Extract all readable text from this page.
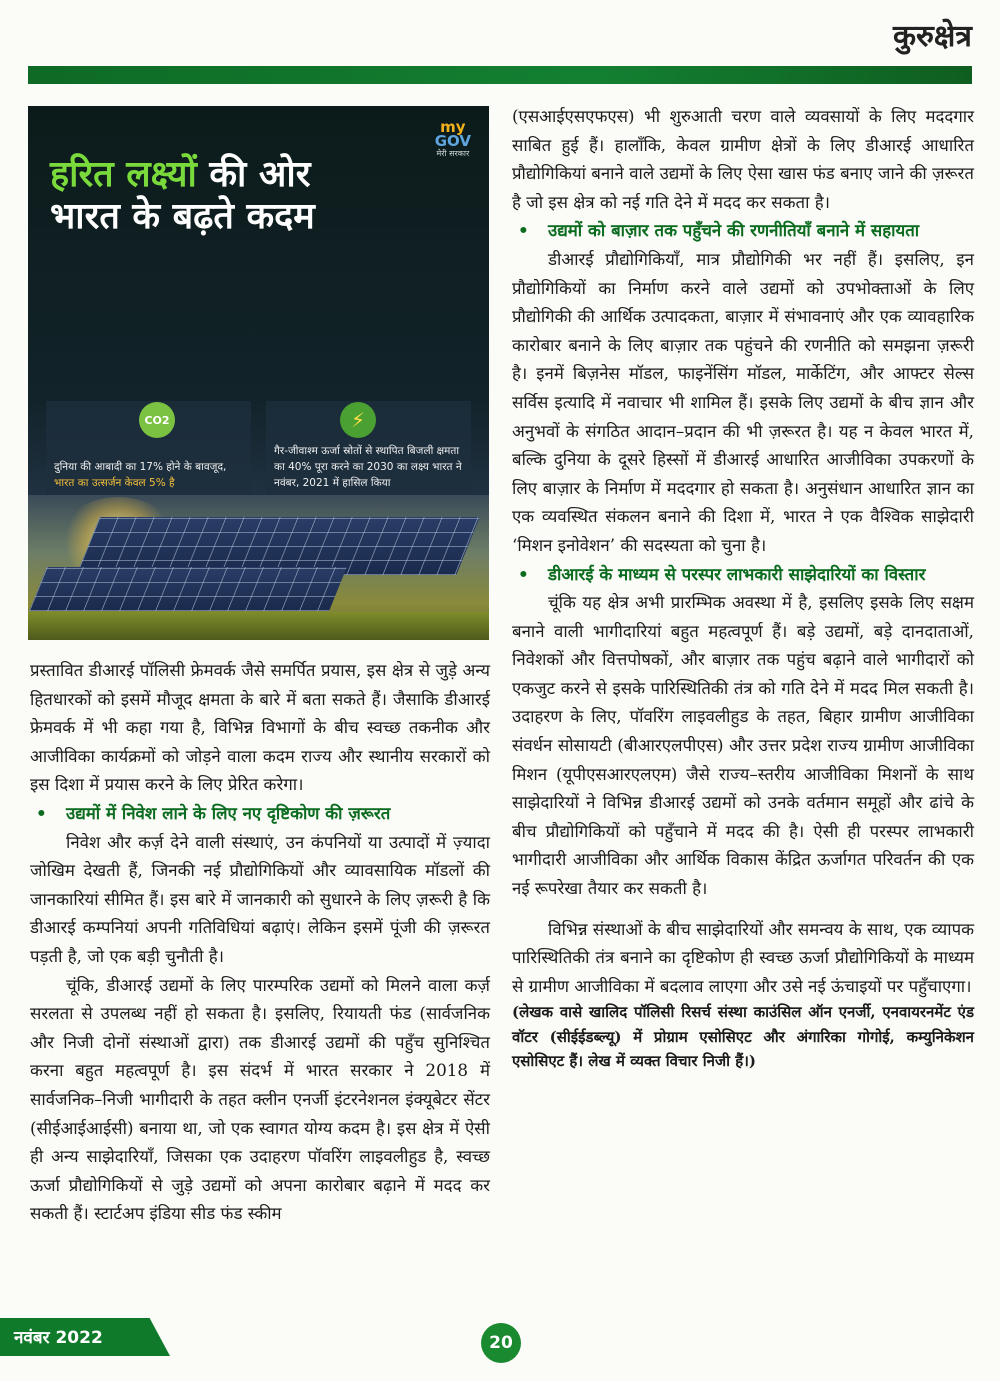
कुरुक्षेत्र
my
GOV
मेरी सरकार
हरित लक्ष्यों की ओर भारत के बढ़ते कदम
दुनिया की आबादी का 17% होने के बावजूद, भारत का उत्सर्जन केवल 5% है
गैर-जीवाश्म ऊर्जा स्रोतों से स्थापित बिजली क्षमता का 40% पूरा करने का 2030 का लक्ष्य भारत ने नवंबर, 2021 में हासिल किया
CO2	⚡

प्रस्तावित डीआरई पॉलिसी फ्रेमवर्क जैसे समर्पित प्रयास, इस क्षेत्र से जुड़े अन्य हितधारकों को इसमें मौजूद क्षमता के बारे में बता सकते हैं। जैसाकि डीआरई फ्रेमवर्क में भी कहा गया है, विभिन्न विभागों के बीच स्वच्छ तकनीक और आजीविका कार्यक्रमों को जोड़ने वाला कदम राज्य और स्थानीय सरकारों को इस दिशा में प्रयास करने के लिए प्रेरित करेगा।

• उद्यमों में निवेश लाने के लिए नए दृष्टिकोण की ज़रूरत

निवेश और कर्ज़ देने वाली संस्थाएं, उन कंपनियों या उत्पादों में ज़्यादा जोखिम देखती हैं, जिनकी नई प्रौद्योगिकियों और व्यावसायिक मॉडलों की जानकारियां सीमित हैं। इस बारे में जानकारी को सुधारने के लिए ज़रूरी है कि डीआरई कम्पनियां अपनी गतिविधियां बढ़ाएं। लेकिन इसमें पूंजी की ज़रूरत पड़ती है, जो एक बड़ी चुनौती है।

चूंकि, डीआरई उद्यमों के लिए पारम्परिक उद्यमों को मिलने वाला कर्ज़ सरलता से उपलब्ध नहीं हो सकता है। इसलिए, रियायती फंड (सार्वजनिक और निजी दोनों संस्थाओं द्वारा) तक डीआरई उद्यमों की पहुँच सुनिश्चित करना बहुत महत्वपूर्ण है। इस संदर्भ में भारत सरकार ने 2018 में सार्वजनिक–निजी भागीदारी के तहत क्लीन एनर्जी इंटरनेशनल इंक्यूबेटर सेंटर (सीईआईआईसी) बनाया था, जो एक स्वागत योग्य कदम है। इस क्षेत्र में ऐसी ही अन्य साझेदारियाँ, जिसका एक उदाहरण पॉवरिंग लाइवलीहुड है, स्वच्छ ऊर्जा प्रौद्योगिकियों से जुड़े उद्यमों को अपना कारोबार बढ़ाने में मदद कर सकती हैं। स्टार्टअप इंडिया सीड फंड स्कीम

(एसआईएसएफएस) भी शुरुआती चरण वाले व्यवसायों के लिए मददगार साबित हुई हैं। हालाँकि, केवल ग्रामीण क्षेत्रों के लिए डीआरई आधारित प्रौद्योगिकियां बनाने वाले उद्यमों के लिए ऐसा खास फंड बनाए जाने की ज़रूरत है जो इस क्षेत्र को नई गति देने में मदद कर सकता है।

• उद्यमों को बाज़ार तक पहुँचने की रणनीतियाँ बनाने में सहायता

डीआरई प्रौद्योगिकियाँ, मात्र प्रौद्योगिकी भर नहीं हैं। इसलिए, इन प्रौद्योगिकियों का निर्माण करने वाले उद्यमों को उपभोक्ताओं के लिए प्रौद्योगिकी की आर्थिक उत्पादकता, बाज़ार में संभावनाएं और एक व्यावहारिक कारोबार बनाने के लिए बाज़ार तक पहुंचने की रणनीति को समझना ज़रूरी है। इनमें बिज़नेस मॉडल, फाइनेंसिंग मॉडल, मार्केटिंग, और आफ्टर सेल्स सर्विस इत्यादि में नवाचार भी शामिल हैं। इसके लिए उद्यमों के बीच ज्ञान और अनुभवों के संगठित आदान–प्रदान की भी ज़रूरत है। यह न केवल भारत में, बल्कि दुनिया के दूसरे हिस्सों में डीआरई आधारित आजीविका उपकरणों के लिए बाज़ार के निर्माण में मददगार हो सकता है। अनुसंधान आधारित ज्ञान का एक व्यवस्थित संकलन बनाने की दिशा में, भारत ने एक वैश्विक साझेदारी ‘मिशन इनोवेशन’ की सदस्यता को चुना है।

• डीआरई के माध्यम से परस्पर लाभकारी साझेदारियों का विस्तार

चूंकि यह क्षेत्र अभी प्रारम्भिक अवस्था में है, इसलिए इसके लिए सक्षम बनाने वाली भागीदारियां बहुत महत्वपूर्ण हैं। बड़े उद्यमों, बड़े दानदाताओं, निवेशकों और वित्तपोषकों, और बाज़ार तक पहुंच बढ़ाने वाले भागीदारों को एकजुट करने से इसके पारिस्थितिकी तंत्र को गति देने में मदद मिल सकती है। उदाहरण के लिए, पॉवरिंग लाइवलीहुड के तहत, बिहार ग्रामीण आजीविका संवर्धन सोसायटी (बीआरएलपीएस) और उत्तर प्रदेश राज्य ग्रामीण आजीविका मिशन (यूपीएसआरएलएम) जैसे राज्य–स्तरीय आजीविका मिशनों के साथ साझेदारियों ने विभिन्न डीआरई उद्यमों को उनके वर्तमान समूहों और ढांचे के बीच प्रौद्योगिकियों को पहुँचाने में मदद की है। ऐसी ही परस्पर लाभकारी भागीदारी आजीविका और आर्थिक विकास केंद्रित ऊर्जागत परिवर्तन की एक नई रूपरेखा तैयार कर सकती है।

विभिन्न संस्थाओं के बीच साझेदारियों और समन्वय के साथ, एक व्यापक पारिस्थितिकी तंत्र बनाने का दृष्टिकोण ही स्वच्छ ऊर्जा प्रौद्योगिकियों के माध्यम से ग्रामीण आजीविका में बदलाव लाएगा और उसे नई ऊंचाइयों पर पहुँचाएगा।

(लेखक वासे खालिद पॉलिसी रिसर्च संस्था काउंसिल ऑन एनर्जी, एनवायरनमेंट एंड वॉटर (सीईईडब्ल्यू) में प्रोग्राम एसोसिएट और अंगारिका गोगोई, कम्युनिकेशन एसोसिएट हैं। लेख में व्यक्त विचार निजी हैं।)

नवंबर 2022	20
